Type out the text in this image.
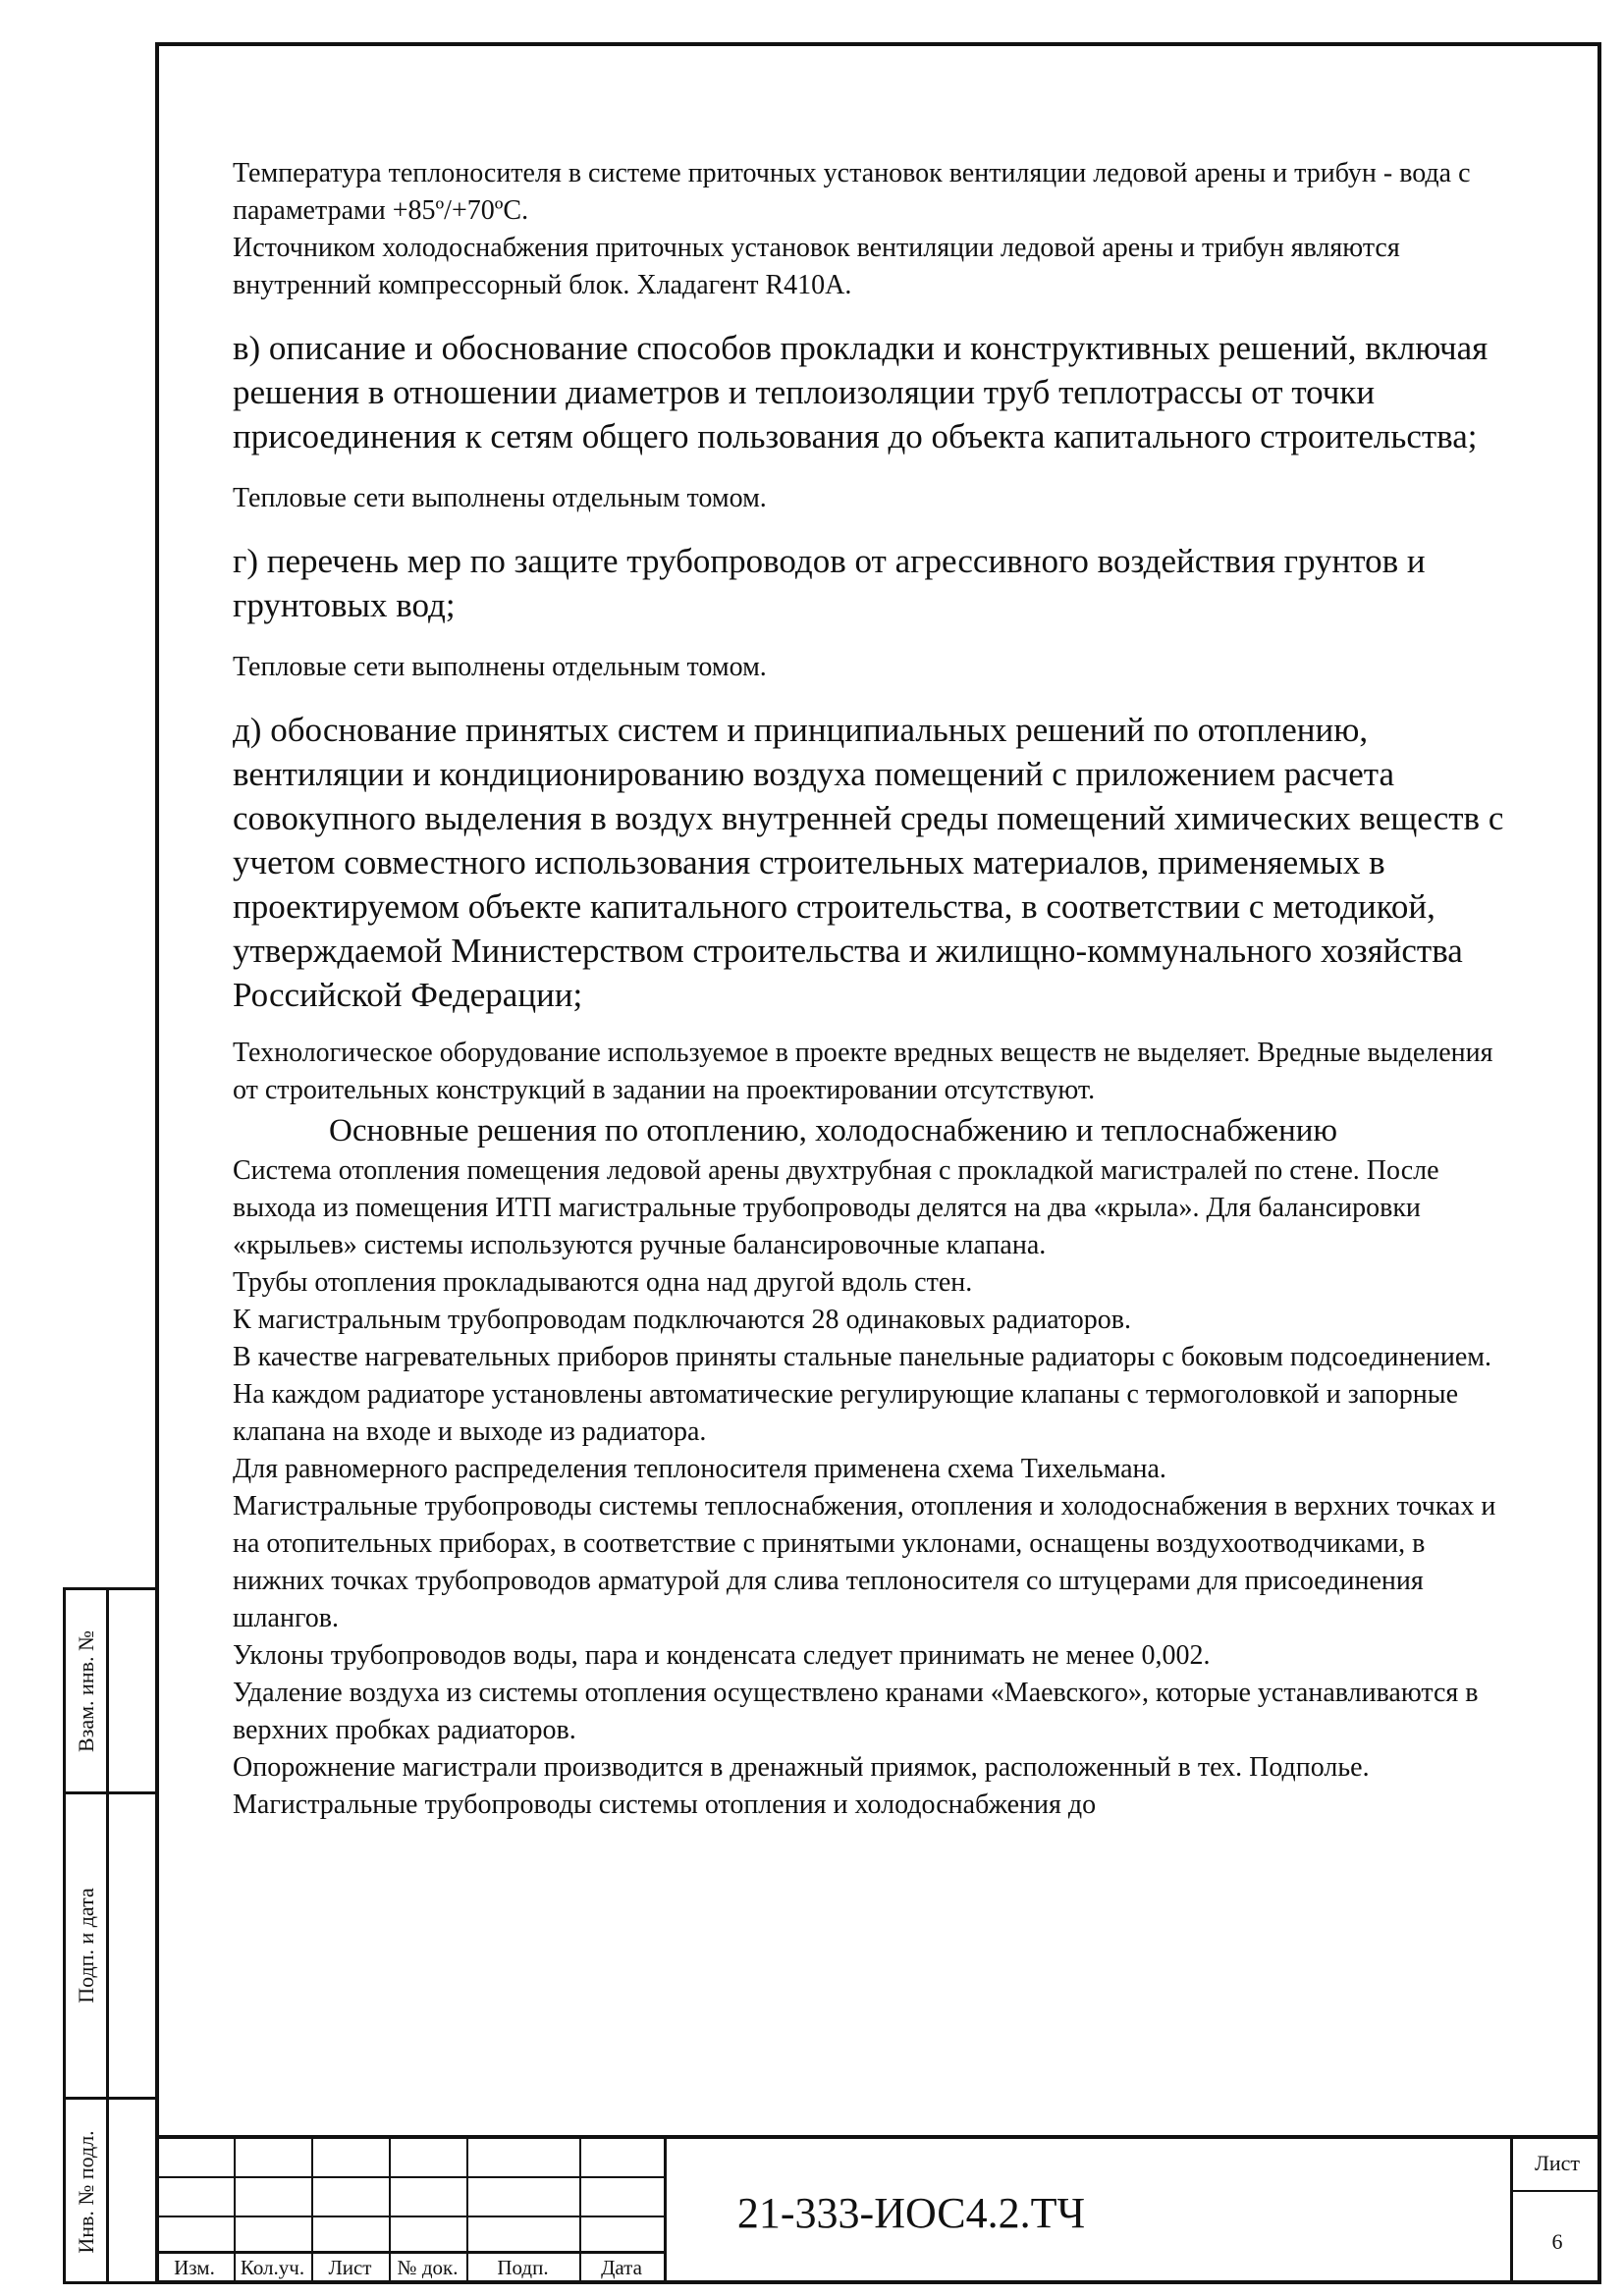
Взам. инв. №
Подп. и дата
Инв. № подл.

Температура теплоносителя в системе приточных установок вентиляции ледовой арены и трибун - вода с параметрами +85º/+70ºС.

Источником холодоснабжения приточных установок вентиляции ледовой арены и трибун являются внутренний компрессорный блок. Хладагент R410A.

в) описание и обоснование способов прокладки и конструктивных решений, включая решения в отношении диаметров и теплоизоляции труб теплотрассы от точки присоединения к сетям общего пользования до объекта капитального строительства;

Тепловые сети выполнены отдельным томом.

г) перечень мер по защите трубопроводов от агрессивного воздействия грунтов и грунтовых вод;

Тепловые сети выполнены отдельным томом.

д) обоснование принятых систем и принципиальных решений по отоплению, вентиляции и кондиционированию воздуха помещений с приложением расчета совокупного выделения в воздух внутренней среды помещений химических веществ с учетом совместного использования строительных материалов, применяемых в проектируемом объекте капитального строительства, в соответствии с методикой, утверждаемой Министерством строительства и жилищно-коммунального хозяйства Российской Федерации;

Технологическое оборудование используемое в проекте вредных веществ не выделяет. Вредные выделения от строительных конструкций в задании на проектировании отсутствуют.

Основные решения по отоплению, холодоснабжению и теплоснабжению

Система отопления помещения ледовой арены двухтрубная с прокладкой магистралей по стене. После выхода из помещения ИТП магистральные трубопроводы делятся на два «крыла». Для балансировки «крыльев» системы используются ручные балансировочные клапана.

Трубы отопления прокладываются одна над другой вдоль стен.

К магистральным трубопроводам подключаются 28 одинаковых радиаторов.

В качестве нагревательных приборов приняты стальные панельные радиаторы с боковым подсоединением.

На каждом радиаторе установлены автоматические регулирующие клапаны с термоголовкой и запорные клапана на входе и выходе из радиатора.

Для равномерного распределения теплоносителя применена схема Тихельмана.

Магистральные трубопроводы системы теплоснабжения, отопления и холодоснабжения в верхних точках и на отопительных приборах, в соответствие с принятыми уклонами, оснащены воздухоотводчиками, в нижних точках трубопроводов арматурой для слива теплоносителя со штуцерами для присоединения шлангов.

Уклоны трубопроводов воды, пара и конденсата следует принимать не менее 0,002.

Удаление воздуха из системы отопления осуществлено кранами «Маевского», которые устанавливаются в верхних пробках радиаторов.

Опорожнение магистрали производится в дренажный приямок, расположенный в тех. Подполье. Магистральные трубопроводы системы отопления и холодоснабжения до

Изм.	Кол.уч.	Лист	№ док.	Подп.	Дата
21-333-ИОС4.2.ТЧ
Лист
6
